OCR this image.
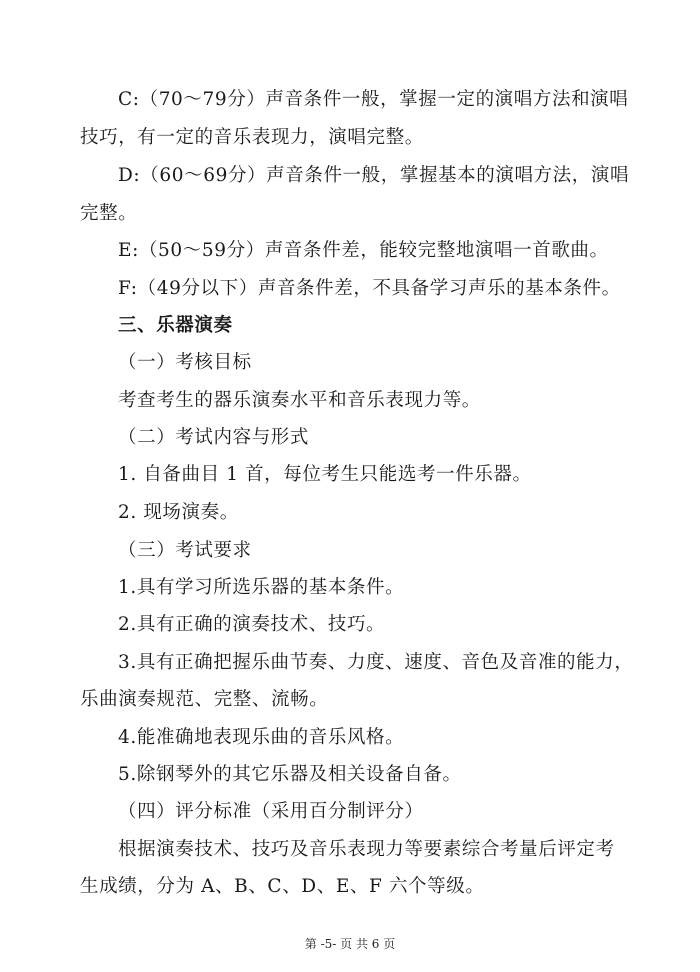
C:（70～79分）声音条件一般，掌握一定的演唱方法和演唱
技巧，有一定的音乐表现力，演唱完整。
D:（60～69分）声音条件一般，掌握基本的演唱方法，演唱
完整。
E:（50～59分）声音条件差，能较完整地演唱一首歌曲。
F:（49分以下）声音条件差，不具备学习声乐的基本条件。
三、乐器演奏
（一）考核目标
考查考生的器乐演奏水平和音乐表现力等。
（二）考试内容与形式
1. 自备曲目 1 首，每位考生只能选考一件乐器。
2. 现场演奏。
（三）考试要求
1.具有学习所选乐器的基本条件。
2.具有正确的演奏技术、技巧。
3.具有正确把握乐曲节奏、力度、速度、音色及音准的能力，
乐曲演奏规范、完整、流畅。
4.能准确地表现乐曲的音乐风格。
5.除钢琴外的其它乐器及相关设备自备。
（四）评分标准（采用百分制评分）
根据演奏技术、技巧及音乐表现力等要素综合考量后评定考
生成绩，分为 A、B、C、D、E、F 六个等级。
第 -5- 页 共 6 页
